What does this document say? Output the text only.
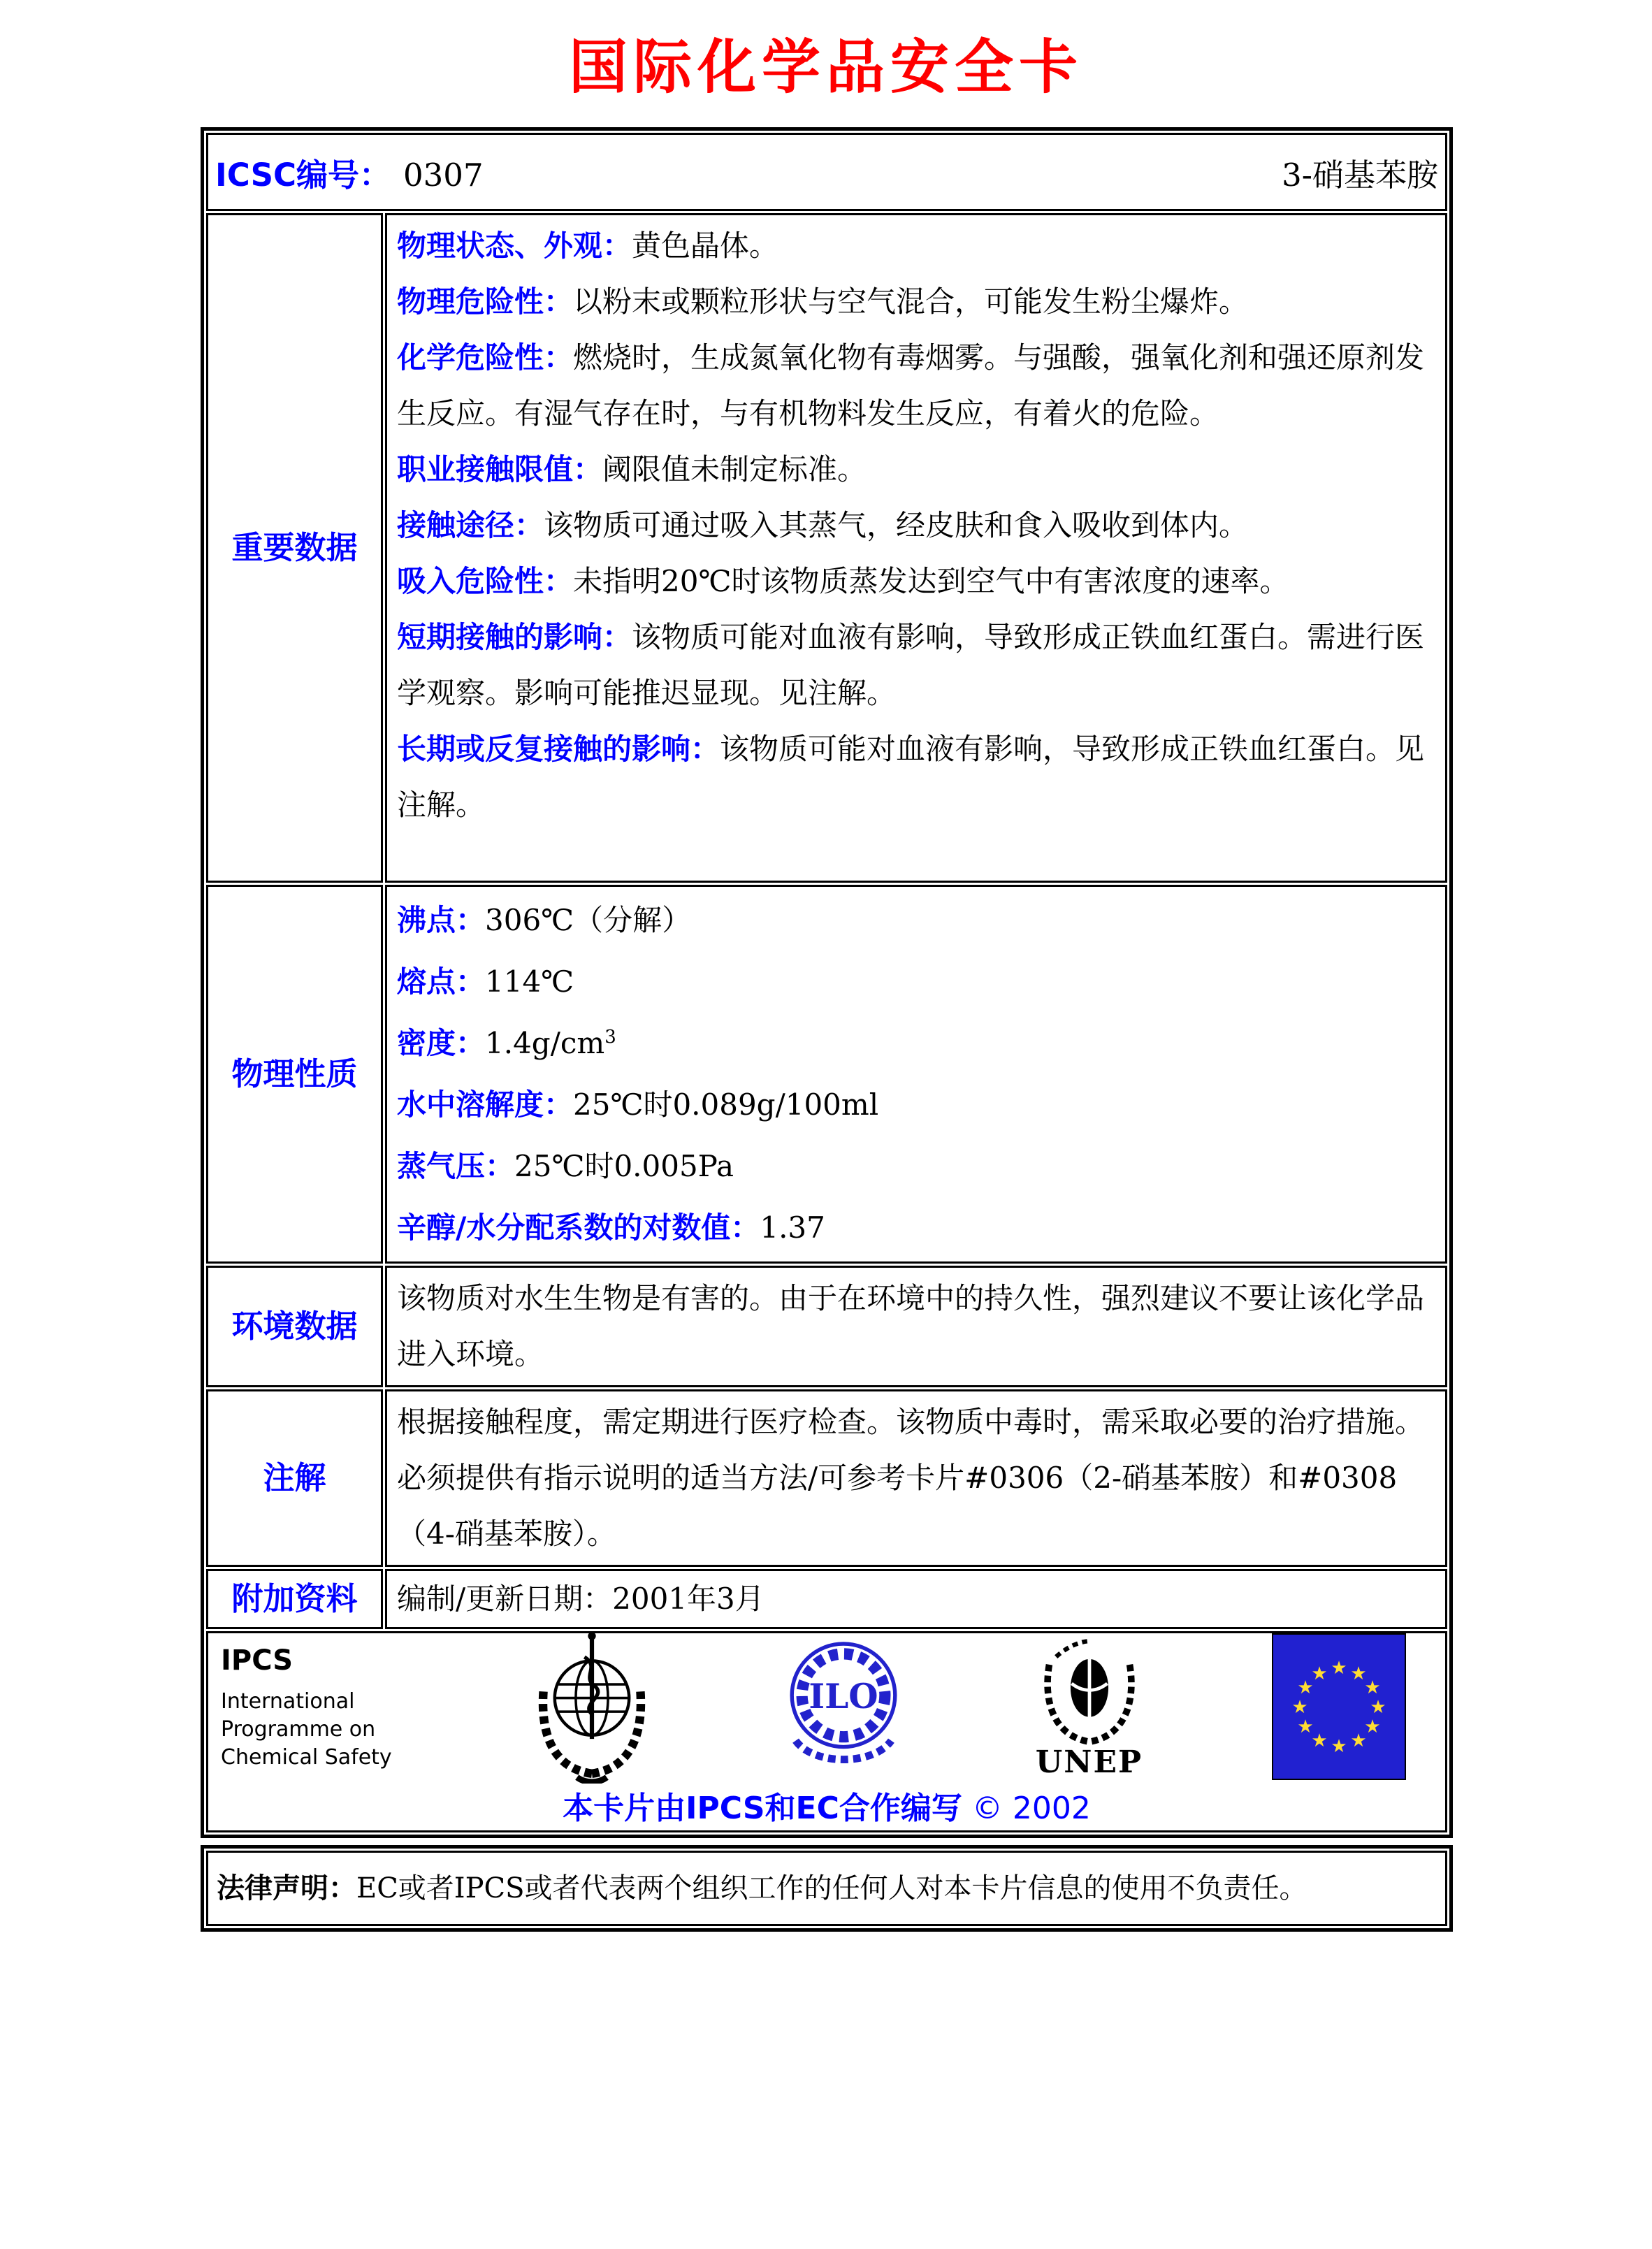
国际化学品安全卡
ICSC编号： 0307	3-硝基苯胺
重要数据
物理状态、外观：黄色晶体。
物理危险性：以粉末或颗粒形状与空气混合，可能发生粉尘爆炸。
化学危险性：燃烧时，生成氮氧化物有毒烟雾。与强酸，强氧化剂和强还原剂发生反应。有湿气存在时，与有机物料发生反应，有着火的危险。
职业接触限值：阈限值未制定标准。
接触途径：该物质可通过吸入其蒸气，经皮肤和食入吸收到体内。
吸入危险性：未指明20℃时该物质蒸发达到空气中有害浓度的速率。
短期接触的影响：该物质可能对血液有影响，导致形成正铁血红蛋白。需进行医学观察。影响可能推迟显现。见注解。
长期或反复接触的影响：该物质可能对血液有影响，导致形成正铁血红蛋白。见注解。
物理性质
沸点：306℃（分解）
熔点：114℃
密度：$1.4g/cm^3$
水中溶解度：25℃时0.089g/100ml
蒸气压：25℃时0.005Pa
辛醇/水分配系数的对数值：1.37
环境数据
该物质对水生生物是有害的。由于在环境中的持久性，强烈建议不要让该化学品进入环境。
注解
根据接触程度，需定期进行医疗检查。该物质中毒时，需采取必要的治疗措施。必须提供有指示说明的适当方法/可参考卡片#0306（2-硝基苯胺）和#0308（4-硝基苯胺）。
附加资料	编制/更新日期： 2001年3月
IPCS
International
Programme on
Chemical Safety
ILO
UNEP
★ ★
★
★
★
★
★
★
★
★
★
★
本卡片由IPCS和EC合作编写 © 2002
法律声明：EC或者IPCS或者代表两个组织工作的任何人对本卡片信息的使用不负责任。
